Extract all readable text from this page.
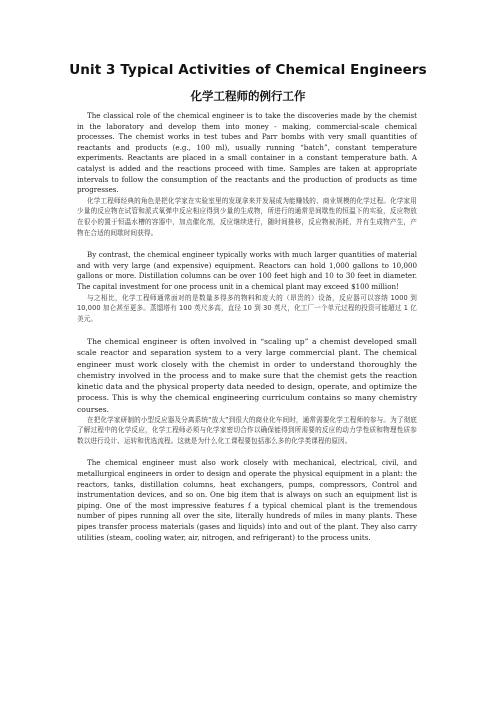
Unit 3 Typical Activities of Chemical Engineers
化学工程师的例行工作

The classical role of the chemical engineer is to take the discoveries made by the chemist in the laboratory and develop them into money - making, commercial-scale chemical processes. The chemist works in test tubes and Parr bombs with very small quantities of reactants and products (e.g., 100 ml), usually running “batch”, constant temperature experiments. Reactants are placed in a small container in a constant temperature bath. A catalyst is added and the reactions proceed with time. Samples are taken at appropriate intervals to follow the consumption of the reactants and the production of products as time progresses.

化学工程师经典的角色是把化学家在实验室里的发现拿来并发展成为能赚钱的、商业规模的化学过程。化学家用少量的反应物在试管和派式氧弹中反应相应得到少量的生成物，所进行的通常是间歇性的恒温下的实验，反应物放在很小的置于恒温水槽的容器中，加点催化剂，反应继续进行，随时间推移，反应物被消耗，并有生成物产生，产物在合适的间歇时间获得。

By contrast, the chemical engineer typically works with much larger quantities of material and with very large (and expensive) equipment. Reactors can hold 1,000 gallons to 10,000 gallons or more. Distillation columns can be over 100 feet high and 10 to 30 feet in diameter. The capital investment for one process unit in a chemical plant may exceed $100 million!

与之相比，化学工程师通常面对的是数量多得多的物料和庞大的（昂贵的）设备，反应器可以容纳 1000 到 10,000 加仑甚至更多。蒸馏塔有 100 英尺多高，直径 10 到 30 英尺，化工厂一个单元过程的投资可能超过 1 亿美元。

The chemical engineer is often involved in “scaling up” a chemist developed small scale reactor and separation system to a very large commercial plant. The chemical engineer must work closely with the chemist in order to understand thoroughly the chemistry involved in the process and to make sure that the chemist gets the reaction kinetic data and the physical property data needed to design, operate, and optimize the process. This is why the chemical engineering curriculum contains so many chemistry courses.

在把化学家研制的小型反应器及分离系统“放大”到很大的商业化车间时，通常需要化学工程师的参与。为了彻底了解过程中的化学反应，化学工程师必须与化学家密切合作以确保能得到所需要的反应的动力学性质和物理性质参数以进行设计、运转和优选流程。这就是为什么化工课程要包括那么多的化学类课程的原因。

The chemical engineer must also work closely with mechanical, electrical, civil, and metallurgical engineers in order to design and operate the physical equipment in a plant: the reactors, tanks, distillation columns, heat exchangers, pumps, compressors, Control and instrumentation devices, and so on. One big item that is always on such an equipment list is piping. One of the most impressive features f a typical chemical plant is the tremendous number of pipes running all over the site, literally hundreds of miles in many plants. These pipes transfer process materials (gases and liquids) into and out of the plant. They also carry utilities (steam, cooling water, air, nitrogen, and refrigerant) to the process units.
